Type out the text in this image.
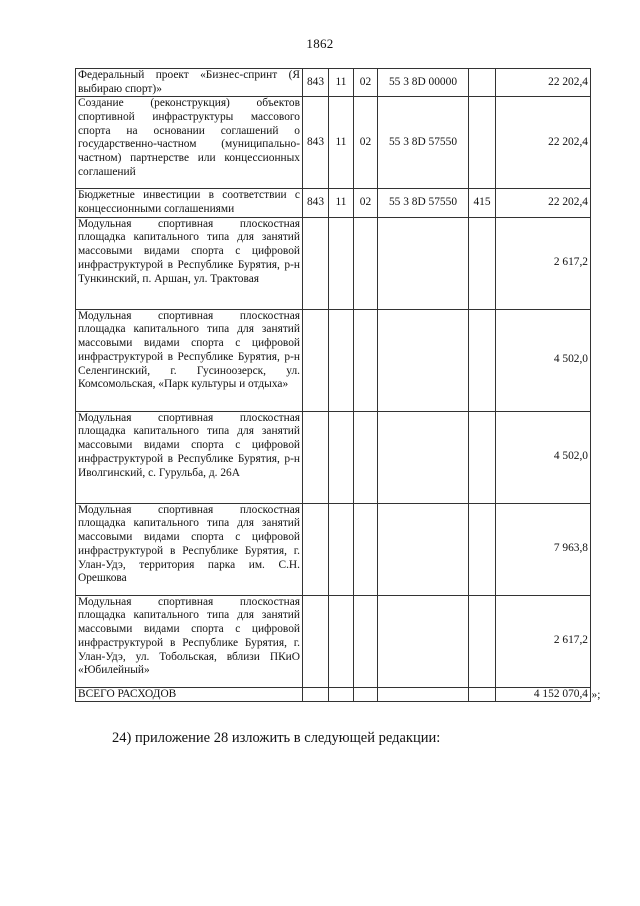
1862
Федеральный проект «Бизнес-спринт (Я выбираю спорт)»	843	11	02	55 3 8D 00000		22 202,4
Создание (реконструкция) объектов спортивной инфраструктуры массового спорта на основании соглашений о государственно-частном (муниципально-частном) партнерстве или концессионных соглашений	843	11	02	55 3 8D 57550		22 202,4
Бюджетные инвестиции в соответствии с концессионными соглашениями	843	11	02	55 3 8D 57550	415	22 202,4
Модульная спортивная плоскостная площадка капитального типа для занятий массовыми видами спорта с цифровой инфраструктурой в Республике Бурятия, р-н Тункинский, п. Аршан, ул. Трактовая						2 617,2
Модульная спортивная плоскостная площадка капитального типа для занятий массовыми видами спорта с цифровой инфраструктурой в Республике Бурятия, р-н Селенгинский, г. Гусиноозерск, ул. Комсомольская, «Парк культуры и отдыха»						4 502,0
Модульная спортивная плоскостная площадка капитального типа для занятий массовыми видами спорта с цифровой инфраструктурой в Республике Бурятия, р-н Иволгинский, с. Гурульба, д. 26А						4 502,0
Модульная спортивная плоскостная площадка капитального типа для занятий массовыми видами спорта с цифровой инфраструктурой в Республике Бурятия, г. Улан-Удэ, территория парка им. С.Н. Орешкова						7 963,8
Модульная спортивная плоскостная площадка капитального типа для занятий массовыми видами спорта с цифровой инфраструктурой в Республике Бурятия, г. Улан-Удэ, ул. Тобольская, вблизи ПКиО «Юбилейный»						2 617,2
ВСЕГО РАСХОДОВ						4 152 070,4
24) приложение 28 изложить в следующей редакции:
»;
